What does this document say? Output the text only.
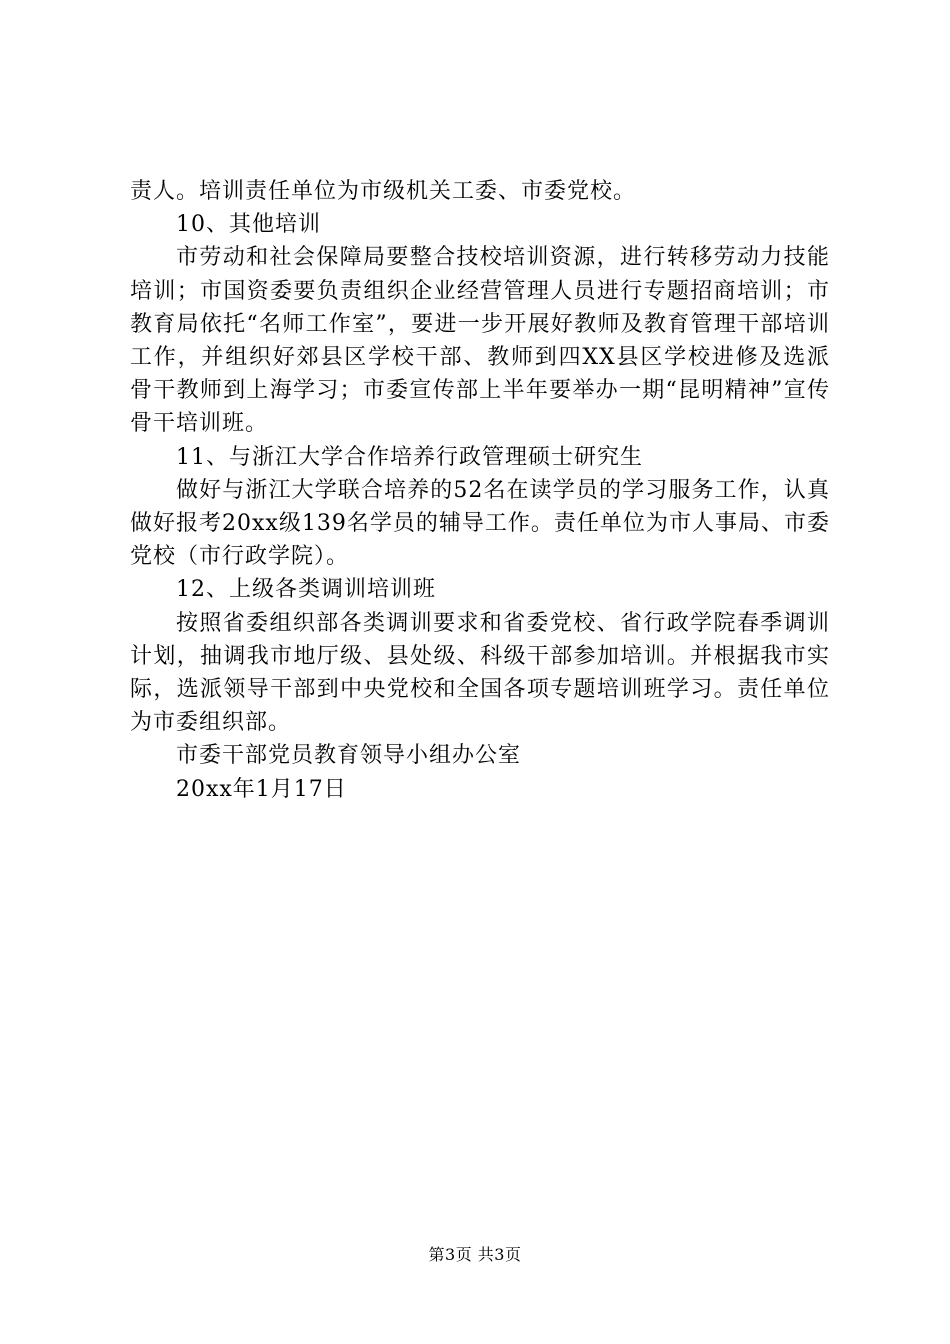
责人。培训责任单位为市级机关工委、市委党校。

10、其他培训

市劳动和社会保障局要整合技校培训资源，进行转移劳动力技能培训；市国资委要负责组织企业经营管理人员进行专题招商培训；市教育局依托“名师工作室”，要进一步开展好教师及教育管理干部培训工作，并组织好郊县区学校干部、教师到四XX县区学校进修及选派骨干教师到上海学习；市委宣传部上半年要举办一期“昆明精神”宣传骨干培训班。

11、与浙江大学合作培养行政管理硕士研究生

做好与浙江大学联合培养的52名在读学员的学习服务工作，认真做好报考20xx级139名学员的辅导工作。责任单位为市人事局、市委党校（市行政学院）。

12、上级各类调训培训班

按照省委组织部各类调训要求和省委党校、省行政学院春季调训计划，抽调我市地厅级、县处级、科级干部参加培训。并根据我市实际，选派领导干部到中央党校和全国各项专题培训班学习。责任单位为市委组织部。

市委干部党员教育领导小组办公室

20xx年1月17日

第3页 共3页
